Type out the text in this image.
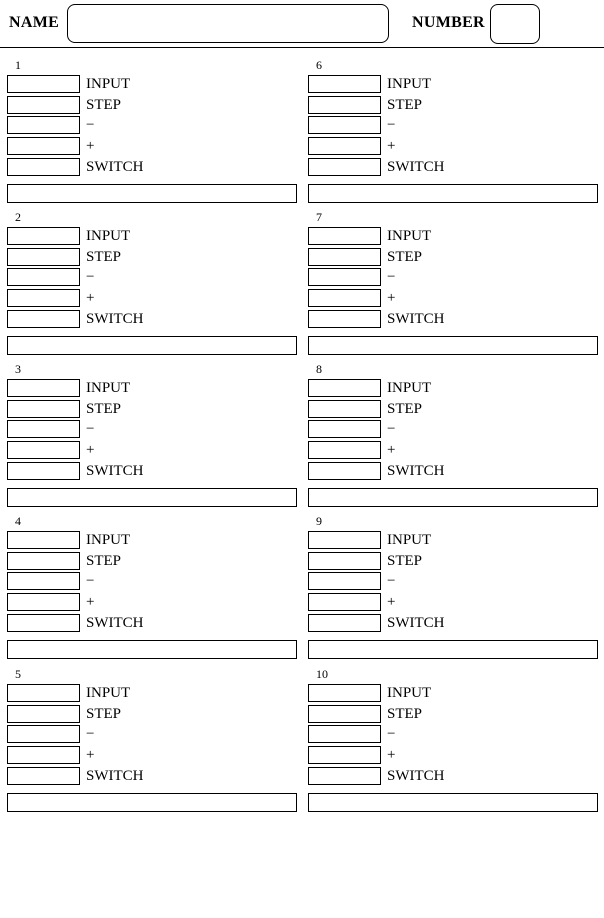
NAME	NUMBER
1
INPUT
STEP
−
+
SWITCH
2
INPUT
STEP
−
+
SWITCH
3
INPUT
STEP
−
+
SWITCH
4
INPUT
STEP
−
+
SWITCH
5
INPUT
STEP
−
+
SWITCH
6
INPUT
STEP
−
+
SWITCH
7
INPUT
STEP
−
+
SWITCH
8
INPUT
STEP
−
+
SWITCH
9
INPUT
STEP
−
+
SWITCH
10
INPUT
STEP
−
+
SWITCH
